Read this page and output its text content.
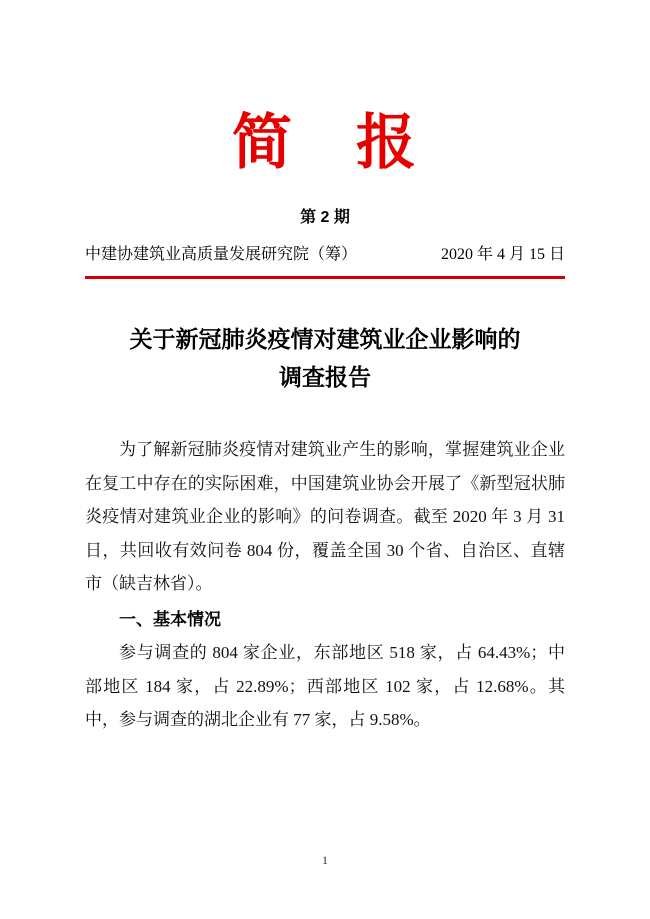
简　报
第 2 期
中建协建筑业高质量发展研究院（筹）	2020 年 4 月 15 日
关于新冠肺炎疫情对建筑业企业影响的
调查报告

为了解新冠肺炎疫情对建筑业产生的影响，掌握建筑业企业在复工中存在的实际困难，中国建筑业协会开展了《新型冠状肺炎疫情对建筑业企业的影响》的问卷调查。截至 2020 年 3 月 31 日，共回收有效问卷 804 份，覆盖全国 30 个省、自治区、直辖市（缺吉林省）。

一、基本情况

参与调查的 804 家企业，东部地区 518 家，占 64.43%；中部地区 184 家，占 22.89%；西部地区 102 家，占 12.68%。其中，参与调查的湖北企业有 77 家，占 9.58%。

1
